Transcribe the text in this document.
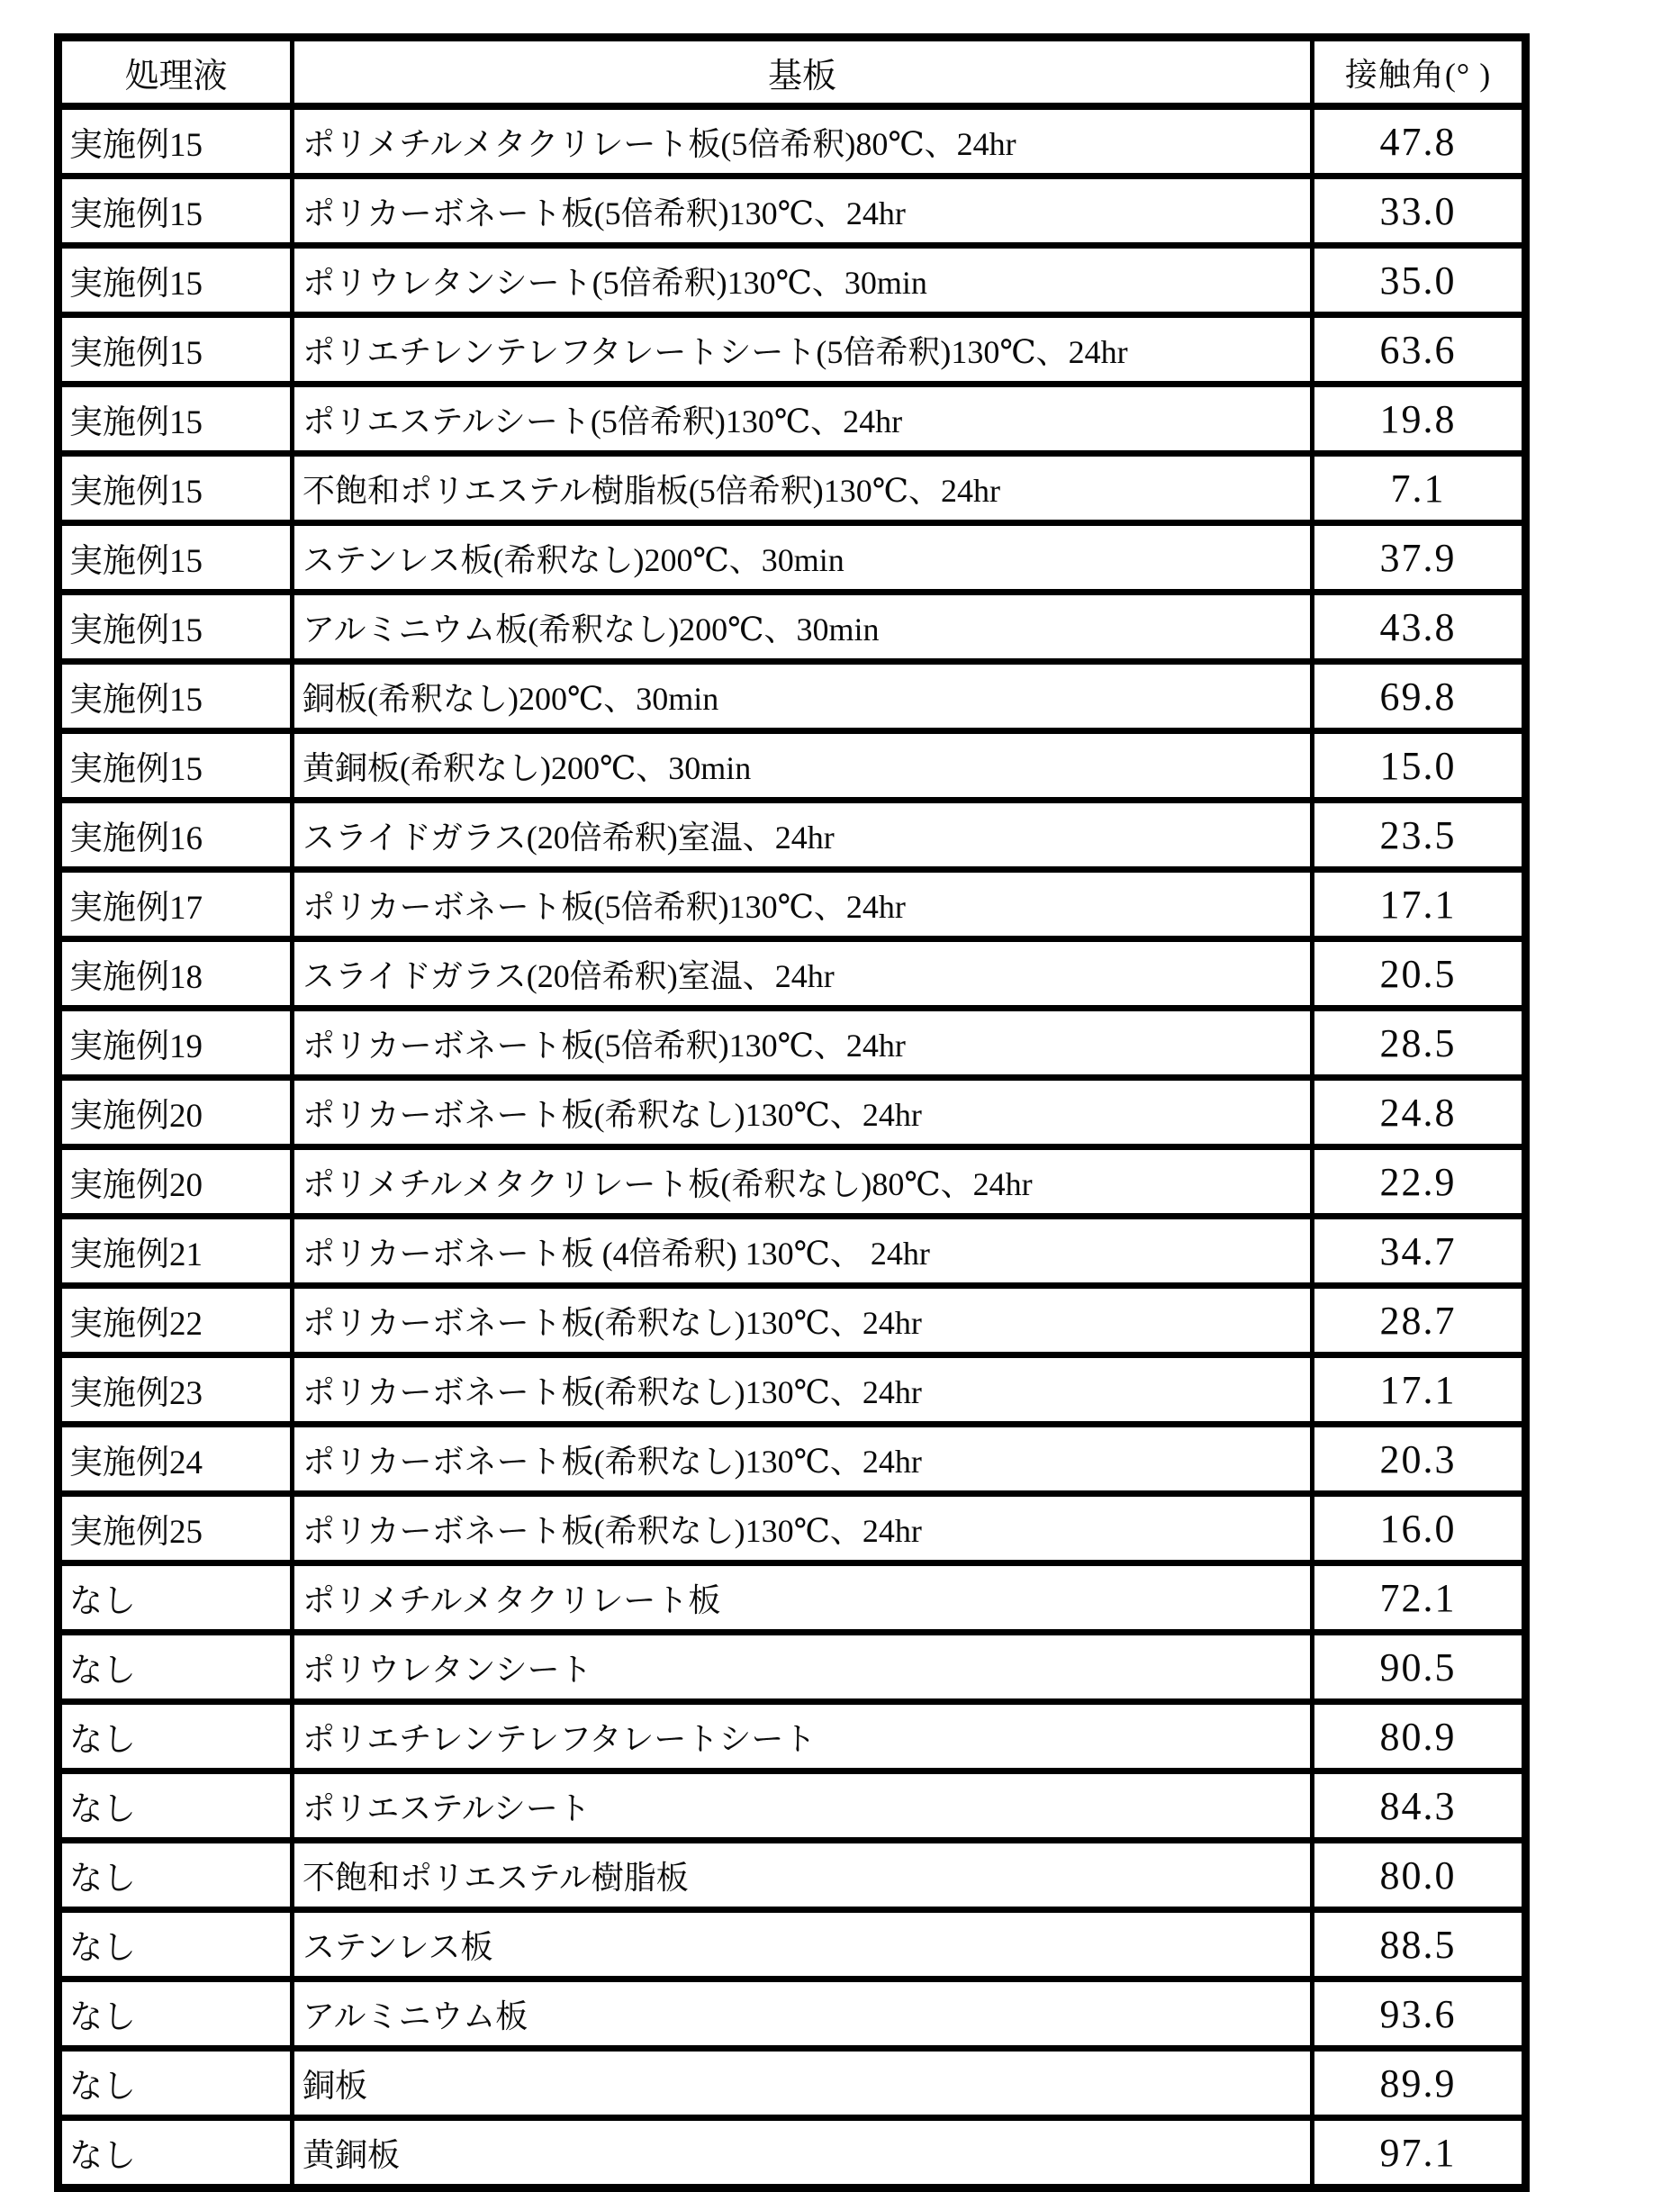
処理液	基板	接触角(° )
実施例15	ポリメチルメタクリレート板(5倍希釈)80℃、24hr	47.8
実施例15	ポリカーボネート板(5倍希釈)130℃、24hr	33.0
実施例15	ポリウレタンシート(5倍希釈)130℃、30min	35.0
実施例15	ポリエチレンテレフタレートシート(5倍希釈)130℃、24hr	63.6
実施例15	ポリエステルシート(5倍希釈)130℃、24hr	19.8
実施例15	不飽和ポリエステル樹脂板(5倍希釈)130℃、24hr	7.1
実施例15	ステンレス板(希釈なし)200℃、30min	37.9
実施例15	アルミニウム板(希釈なし)200℃、30min	43.8
実施例15	銅板(希釈なし)200℃、30min	69.8
実施例15	黄銅板(希釈なし)200℃、30min	15.0
実施例16	スライドガラス(20倍希釈)室温、24hr	23.5
実施例17	ポリカーボネート板(5倍希釈)130℃、24hr	17.1
実施例18	スライドガラス(20倍希釈)室温、24hr	20.5
実施例19	ポリカーボネート板(5倍希釈)130℃、24hr	28.5
実施例20	ポリカーボネート板(希釈なし)130℃、24hr	24.8
実施例20	ポリメチルメタクリレート板(希釈なし)80℃、24hr	22.9
実施例21	ポリカーボネート板 (4倍希釈) 130℃、 24hr	34.7
実施例22	ポリカーボネート板(希釈なし)130℃、24hr	28.7
実施例23	ポリカーボネート板(希釈なし)130℃、24hr	17.1
実施例24	ポリカーボネート板(希釈なし)130℃、24hr	20.3
実施例25	ポリカーボネート板(希釈なし)130℃、24hr	16.0
なし	ポリメチルメタクリレート板	72.1
なし	ポリウレタンシート	90.5
なし	ポリエチレンテレフタレートシート	80.9
なし	ポリエステルシート	84.3
なし	不飽和ポリエステル樹脂板	80.0
なし	ステンレス板	88.5
なし	アルミニウム板	93.6
なし	銅板	89.9
なし	黄銅板	97.1
